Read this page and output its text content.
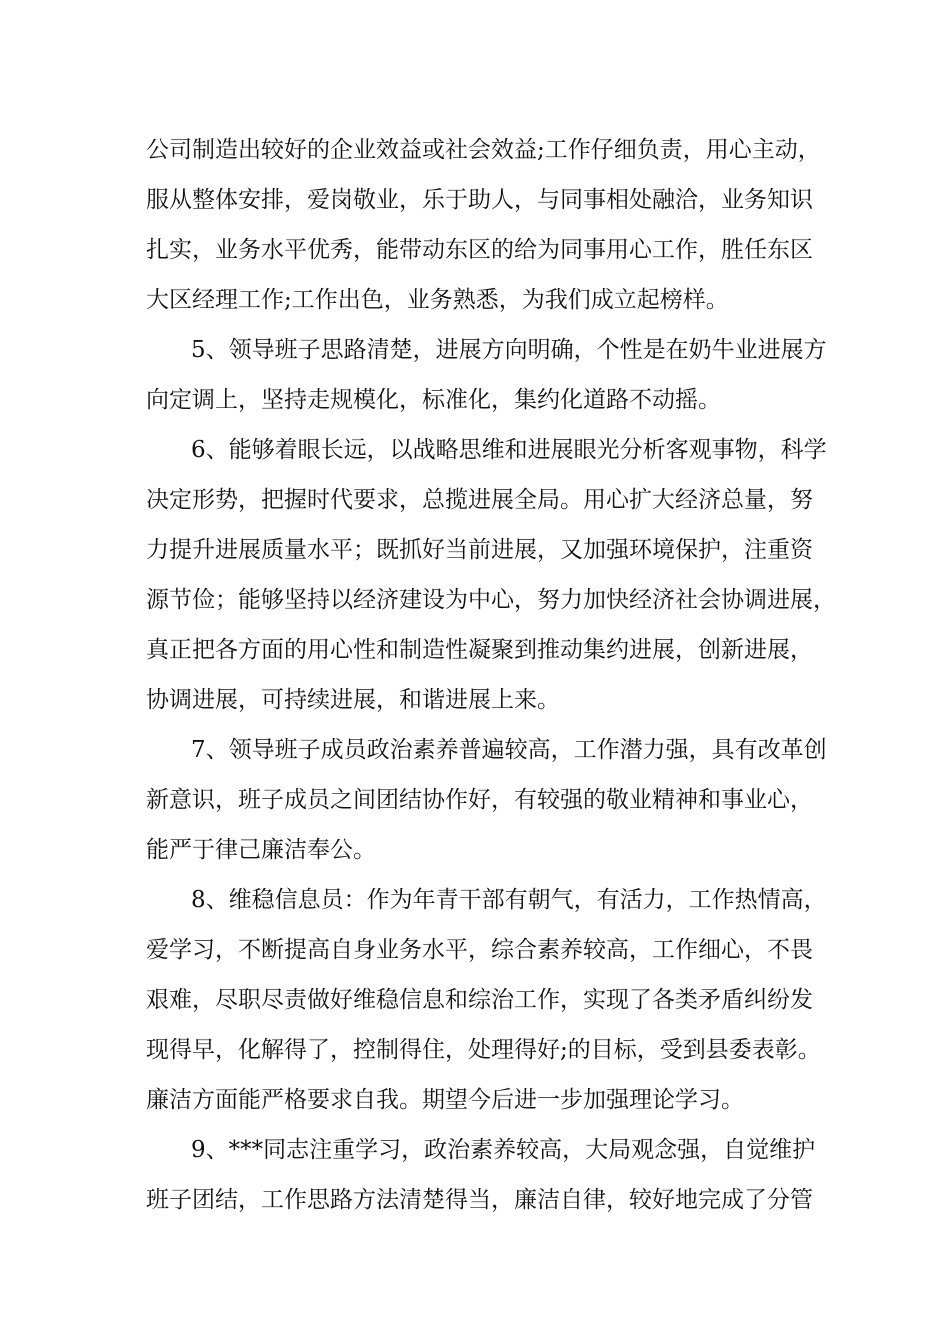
公司制造出较好的企业效益或社会效益;工作仔细负责，用心主动，
服从整体安排，爱岗敬业，乐于助人，与同事相处融洽，业务知识
扎实，业务水平优秀，能带动东区的给为同事用心工作，胜任东区
大区经理工作;工作出色，业务熟悉，为我们成立起榜样。
5、领导班子思路清楚，进展方向明确，个性是在奶牛业进展方
向定调上，坚持走规模化，标准化，集约化道路不动摇。
6、能够着眼长远，以战略思维和进展眼光分析客观事物，科学
决定形势，把握时代要求，总揽进展全局。用心扩大经济总量，努
力提升进展质量水平；既抓好当前进展，又加强环境保护，注重资
源节俭；能够坚持以经济建设为中心，努力加快经济社会协调进展，
真正把各方面的用心性和制造性凝聚到推动集约进展，创新进展，
协调进展，可持续进展，和谐进展上来。
7、领导班子成员政治素养普遍较高，工作潜力强，具有改革创
新意识，班子成员之间团结协作好，有较强的敬业精神和事业心，
能严于律己廉洁奉公。
8、维稳信息员：作为年青干部有朝气，有活力，工作热情高，
爱学习，不断提高自身业务水平，综合素养较高，工作细心，不畏
艰难，尽职尽责做好维稳信息和综治工作，实现了各类矛盾纠纷发
现得早，化解得了，控制得住，处理得好;的目标，受到县委表彰。
廉洁方面能严格要求自我。期望今后进一步加强理论学习。
9、***同志注重学习，政治素养较高，大局观念强，自觉维护
班子团结，工作思路方法清楚得当，廉洁自律，较好地完成了分管
